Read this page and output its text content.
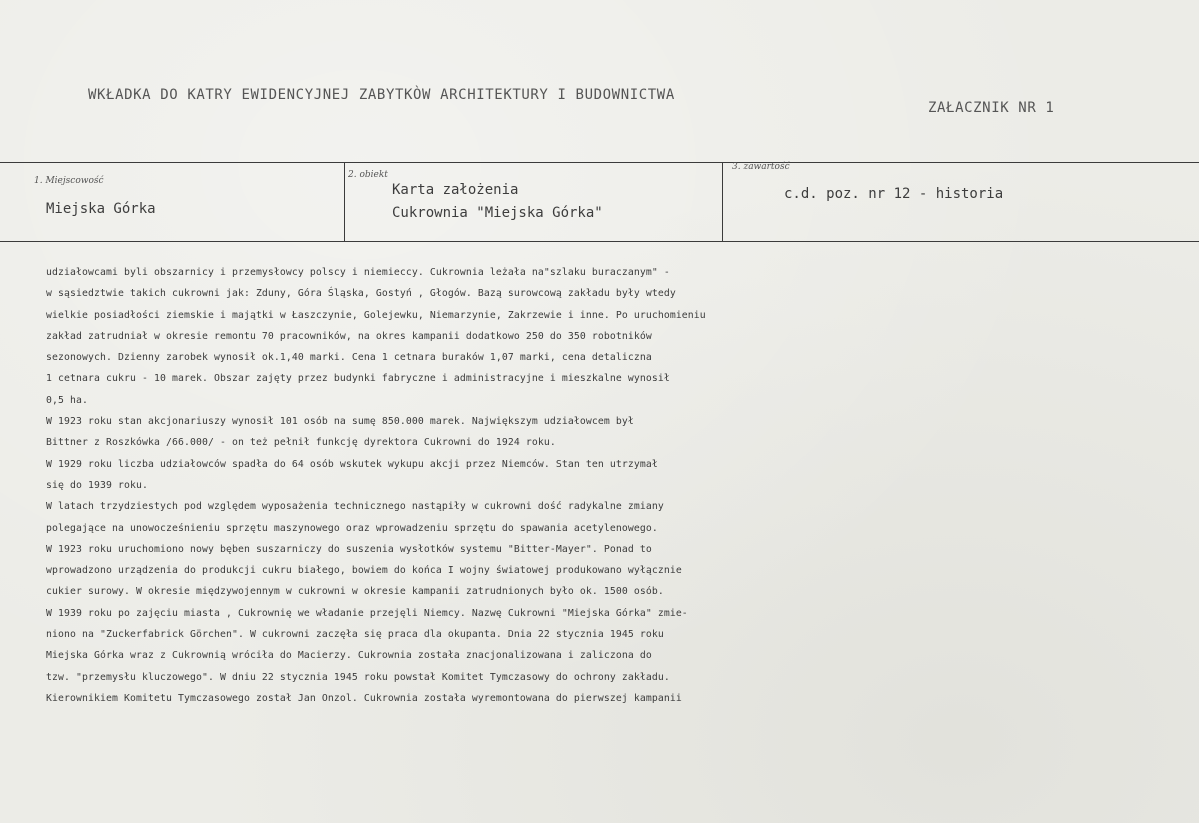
WKŁADKA DO KATRY EWIDENCYJNEJ ZABYTKÒW ARCHITEKTURY I BUDOWNICTWA
ZAŁACZNIK NR 1
1. Miejscowość
Miejska Górka
2. obiekt
Karta założenia
Cukrownia "Miejska Górka"
3. zawartość
c.d. poz. nr 12 - historia
udziałowcami byli obszarnicy i przemysłowcy polscy i niemieccy. Cukrownia leżała na"szlaku buraczanym" -
w sąsiedztwie takich cukrowni jak: Zduny, Góra Śląska, Gostyń , Głogów. Bazą surowcową zakładu były wtedy
wielkie posiadłości ziemskie i majątki w Łaszczynie, Golejewku, Niemarzynie, Zakrzewie i inne. Po uruchomieniu
zakład zatrudniał w okresie remontu 70 pracowników, na okres kampanii dodatkowo 250 do 350 robotników
sezonowych. Dzienny zarobek wynosił ok.1,40 marki. Cena 1 cetnara buraków 1,07 marki, cena detaliczna
1 cetnara cukru - 10 marek. Obszar zajęty przez budynki fabryczne i administracyjne i mieszkalne wynosił
0,5 ha.
W 1923 roku stan akcjonariuszy wynosił 101 osób na sumę 850.000 marek. Największym udziałowcem był
Bittner z Roszkówka /66.000/ - on też pełnił funkcję dyrektora Cukrowni do 1924 roku.
W 1929 roku liczba udziałowców spadła do 64 osób wskutek wykupu akcji przez Niemców. Stan ten utrzymał
się do 1939 roku.
W latach trzydziestych pod względem wyposażenia technicznego nastąpiły w cukrowni dość radykalne zmiany
polegające na unowocześnieniu sprzętu maszynowego oraz wprowadzeniu sprzętu do spawania acetylenowego.
W 1923 roku uruchomiono nowy bęben suszarniczy do suszenia wysłotków systemu "Bitter-Mayer". Ponad to
wprowadzono urządzenia do produkcji cukru białego, bowiem do końca I wojny światowej produkowano wyłącznie
cukier surowy. W okresie międzywojennym w cukrowni w okresie kampanii zatrudnionych było ok. 1500 osób.
W 1939 roku po zajęciu miasta , Cukrownię we władanie przejęli Niemcy. Nazwę Cukrowni "Miejska Górka" zmie-
niono na "Zuckerfabrick Görchen". W cukrowni zaczęła się praca dla okupanta. Dnia 22 stycznia 1945 roku
Miejska Górka wraz z Cukrownią wróciła do Macierzy. Cukrownia została znacjonalizowana i zaliczona do
tzw. "przemysłu kluczowego". W dniu 22 stycznia 1945 roku powstał Komitet Tymczasowy do ochrony zakładu.
Kierownikiem Komitetu Tymczasowego został Jan Onzol. Cukrownia została wyremontowana do pierwszej kampanii
